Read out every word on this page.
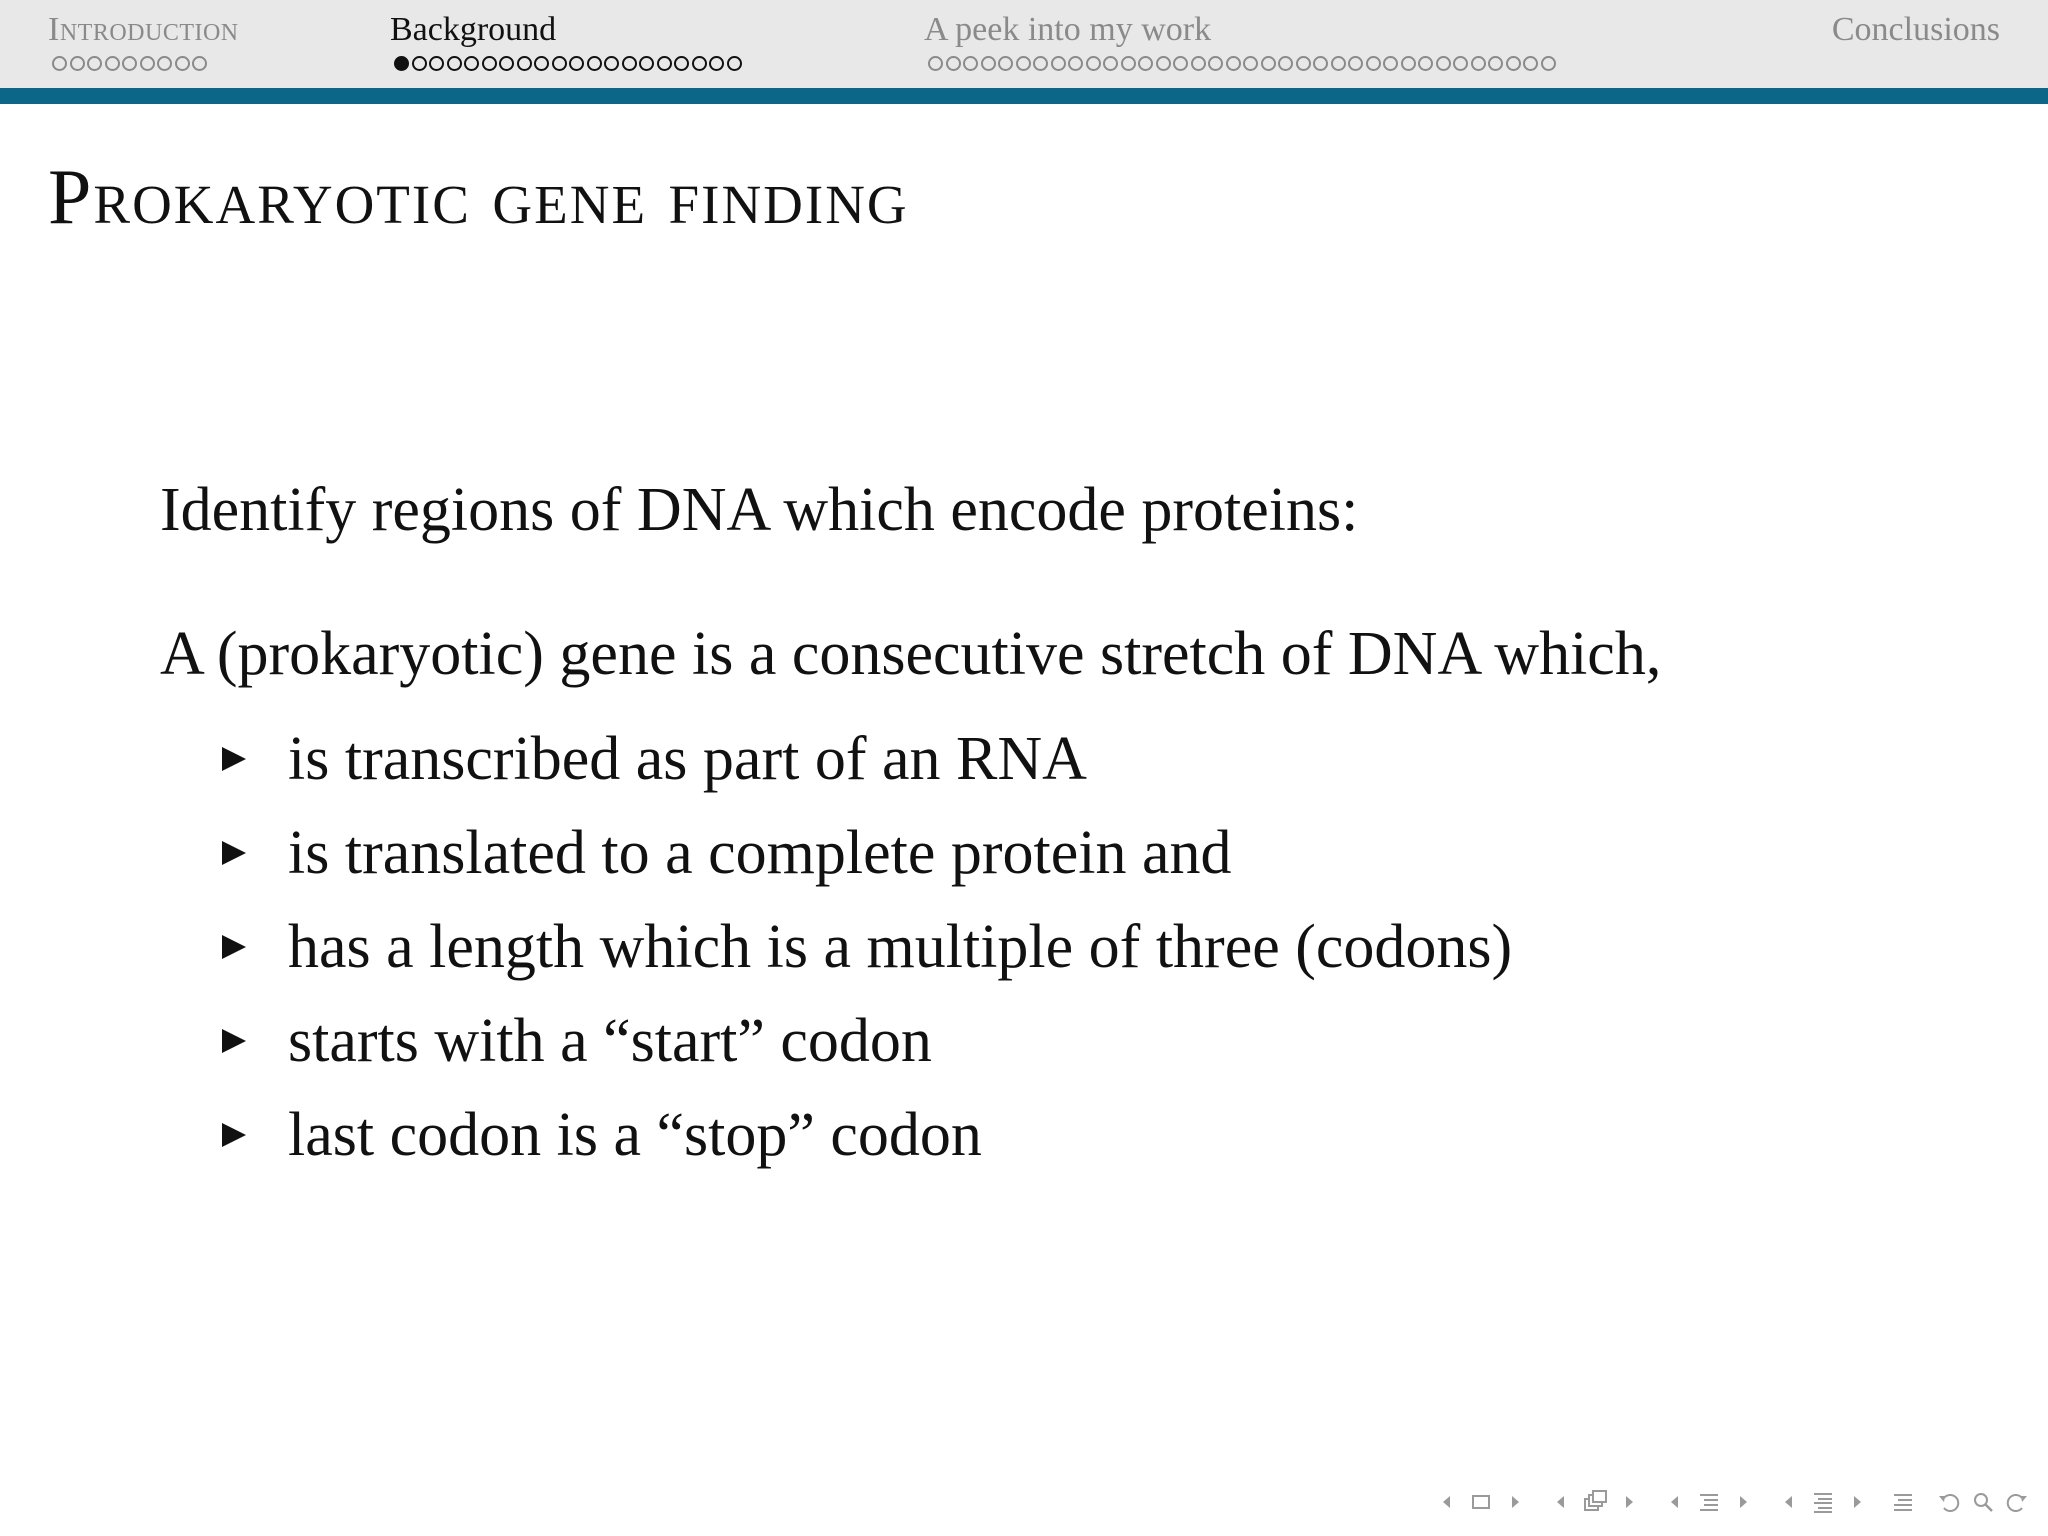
Introduction	Background	A peek into my work	Conclusions
Prokaryotic gene finding
Identify regions of DNA which encode proteins:
A (prokaryotic) gene is a consecutive stretch of DNA which,
is transcribed as part of an RNA
is translated to a complete protein and
has a length which is a multiple of three (codons)
starts with a “start” codon
last codon is a “stop” codon
